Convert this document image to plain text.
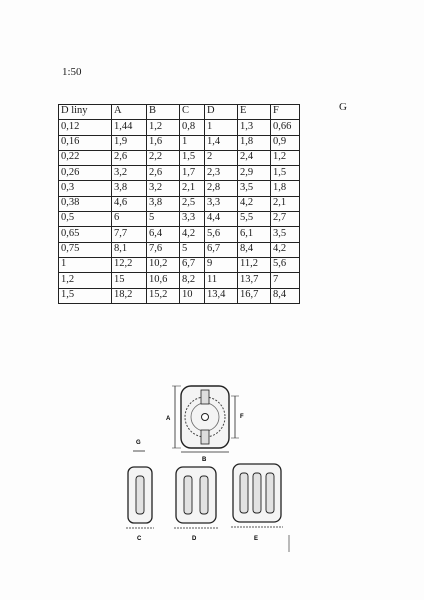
1:50
G
D liny	A	B	C	D	E	F
0,12	1,44	1,2	0,8	1	1,3	0,66
0,16	1,9	1,6	1	1,4	1,8	0,9
0,22	2,6	2,2	1,5	2	2,4	1,2
0,26	3,2	2,6	1,7	2,3	2,9	1,5
0,3	3,8	3,2	2,1	2,8	3,5	1,8
0,38	4,6	3,8	2,5	3,3	4,2	2,1
0,5	6	5	3,3	4,4	5,5	2,7
0,65	7,7	6,4	4,2	5,6	6,1	3,5
0,75	8,1	7,6	5	6,7	8,4	4,2
1	12,2	10,2	6,7	9	11,2	5,6
1,2	15	10,6	8,2	11	13,7	7
1,5	18,2	15,2	10	13,4	16,7	8,4
A
B
F
G
C	D	E
